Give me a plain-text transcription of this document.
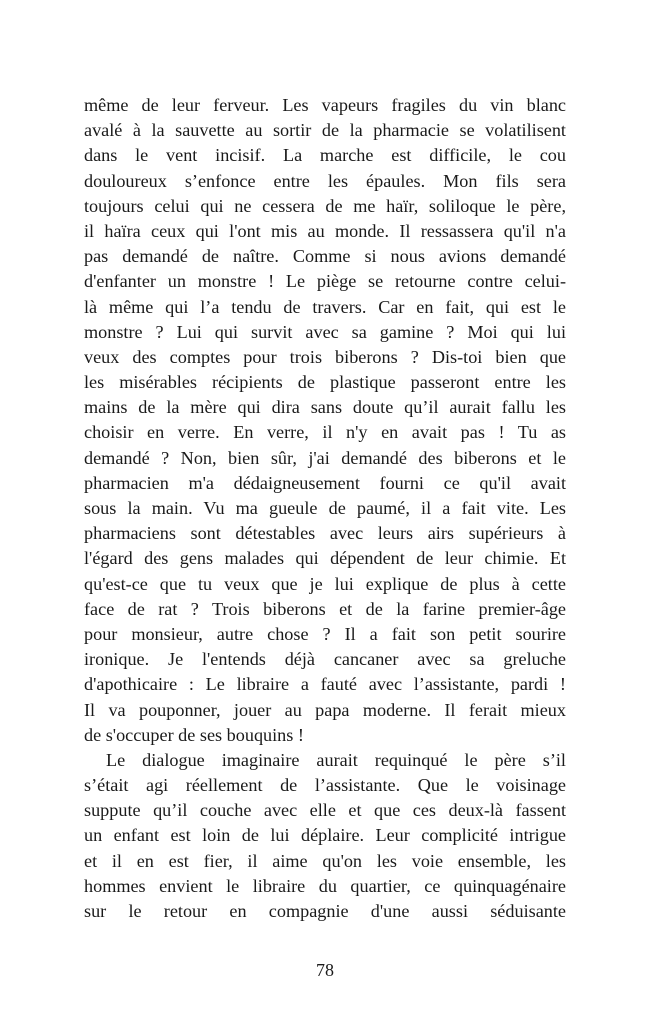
même de leur ferveur. Les vapeurs fragiles du vin blanc
avalé à la sauvette au sortir de la pharmacie se volatilisent
dans le vent incisif. La marche est difficile, le cou
douloureux s’enfonce entre les épaules. Mon fils sera
toujours celui qui ne cessera de me haïr, soliloque le père,
il haïra ceux qui l'ont mis au monde. Il ressassera qu'il n'a
pas demandé de naître. Comme si nous avions demandé
d'enfanter un monstre ! Le piège se retourne contre celui-
là même qui l’a tendu de travers. Car en fait, qui est le
monstre ? Lui qui survit avec sa gamine ? Moi qui lui
veux des comptes pour trois biberons ? Dis-toi bien que
les misérables récipients de plastique passeront entre les
mains de la mère qui dira sans doute qu’il aurait fallu les
choisir en verre. En verre, il n'y en avait pas ! Tu as
demandé ? Non, bien sûr, j'ai demandé des biberons et le
pharmacien m'a dédaigneusement fourni ce qu'il avait
sous la main. Vu ma gueule de paumé, il a fait vite. Les
pharmaciens sont détestables avec leurs airs supérieurs à
l'égard des gens malades qui dépendent de leur chimie. Et
qu'est-ce que tu veux que je lui explique de plus à cette
face de rat ? Trois biberons et de la farine premier-âge
pour monsieur, autre chose ? Il a fait son petit sourire
ironique. Je l'entends déjà cancaner avec sa greluche
d'apothicaire : Le libraire a fauté avec l’assistante, pardi !
Il va pouponner, jouer au papa moderne. Il ferait mieux
de s'occuper de ses bouquins !
Le dialogue imaginaire aurait requinqué le père s’il
s’était agi réellement de l’assistante. Que le voisinage
suppute qu’il couche avec elle et que ces deux-là fassent
un enfant est loin de lui déplaire. Leur complicité intrigue
et il en est fier, il aime qu'on les voie ensemble, les
hommes envient le libraire du quartier, ce quinquagénaire
sur le retour en compagnie d'une aussi séduisante
78
